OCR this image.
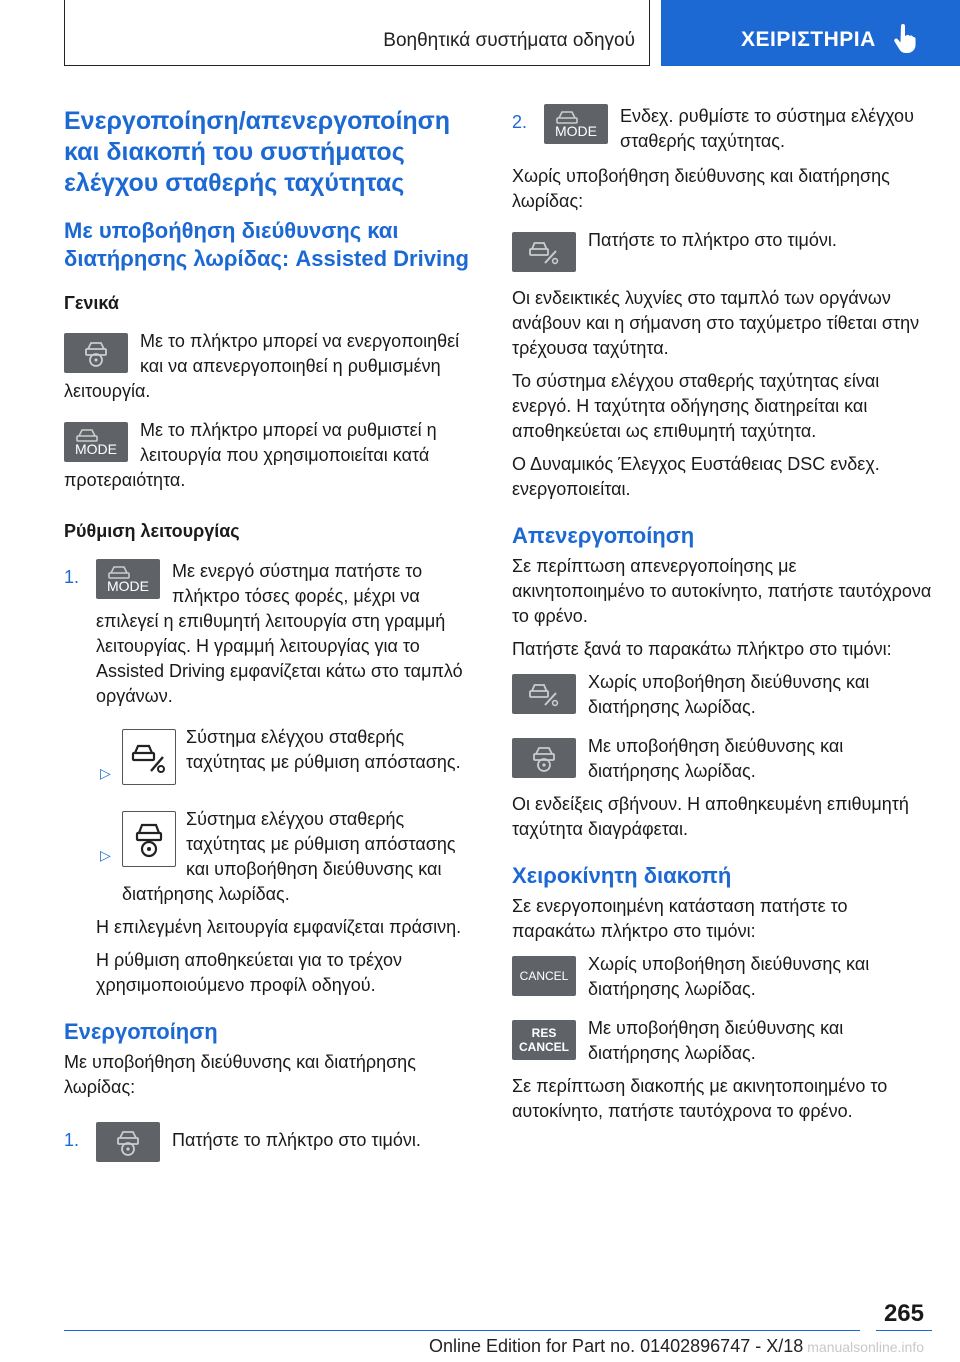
Βοηθητικά συστήματα οδηγού	ΧΕΙΡΙΣΤΗΡΙΑ
Ενεργοποίηση/απενεργοποίηση και διακοπή του συστήματος ελέγχου σταθερής ταχύτητας
Με υποβοήθηση διεύθυνσης και διατήρησης λωρίδας: Assisted Driving
Γενικά
Με το πλήκτρο μπορεί να ενεργοποιηθεί και να απενεργοποιηθεί η ρυθμισμένη λειτουργία.
MODE
Με το πλήκτρο μπορεί να ρυθμιστεί η λειτουργία που χρησιμοποιείται κατά προτεραιότητα.
Ρύθμιση λειτουργίας
1.	MODE
Με ενεργό σύστημα πατήστε το πλήκτρο τόσες φορές, μέχρι να επιλεγεί η επιθυμητή λειτουργία στη γραμμή λειτουργίας. Η γραμμή λειτουργίας για το Assisted Driving εμφανίζεται κάτω στο ταμπλό οργάνων.
▷
Σύστημα ελέγχου σταθερής ταχύτητας με ρύθμιση απόστασης.
▷
Σύστημα ελέγχου σταθερής ταχύτητας με ρύθμιση απόστασης και υποβοήθηση διεύθυνσης και διατήρησης λωρίδας.
Η επιλεγμένη λειτουργία εμφανίζεται πράσινη.
Η ρύθμιση αποθηκεύεται για το τρέχον χρησιμοποιούμενο προφίλ οδηγού.
Ενεργοποίηση
Με υποβοήθηση διεύθυνσης και διατήρησης λωρίδας:
1.	Πατήστε το πλήκτρο στο τιμόνι.
2.	MODE
Ενδεχ. ρυθμίστε το σύστημα ελέγχου σταθερής ταχύτητας.
Χωρίς υποβοήθηση διεύθυνσης και διατήρησης λωρίδας:
Πατήστε το πλήκτρο στο τιμόνι.
Οι ενδεικτικές λυχνίες στο ταμπλό των οργάνων ανάβουν και η σήμανση στο ταχύμετρο τίθεται στην τρέχουσα ταχύτητα.
Το σύστημα ελέγχου σταθερής ταχύτητας είναι ενεργό. Η ταχύτητα οδήγησης διατηρείται και αποθηκεύεται ως επιθυμητή ταχύτητα.
Ο Δυναμικός Έλεγχος Ευστάθειας DSC ενδεχ. ενεργοποιείται.
Απενεργοποίηση
Σε περίπτωση απενεργοποίησης με ακινητοποιημένο το αυτοκίνητο, πατήστε ταυτόχρονα το φρένο.
Πατήστε ξανά το παρακάτω πλήκτρο στο τιμόνι:
Χωρίς υποβοήθηση διεύθυνσης και διατήρησης λωρίδας.
Με υποβοήθηση διεύθυνσης και διατήρησης λωρίδας.
Οι ενδείξεις σβήνουν. Η αποθηκευμένη επιθυμητή ταχύτητα διαγράφεται.
Χειροκίνητη διακοπή
Σε ενεργοποιημένη κατάσταση πατήστε το παρακάτω πλήκτρο στο τιμόνι:
CANCEL
Χωρίς υποβοήθηση διεύθυνσης και διατήρησης λωρίδας.
RES
CANCEL
Με υποβοήθηση διεύθυνσης και διατήρησης λωρίδας.
Σε περίπτωση διακοπής με ακινητοποιημένο το αυτοκίνητο, πατήστε ταυτόχρονα το φρένο.
265
Online Edition for Part no. 01402896747 - X/18 manualsonline.info
